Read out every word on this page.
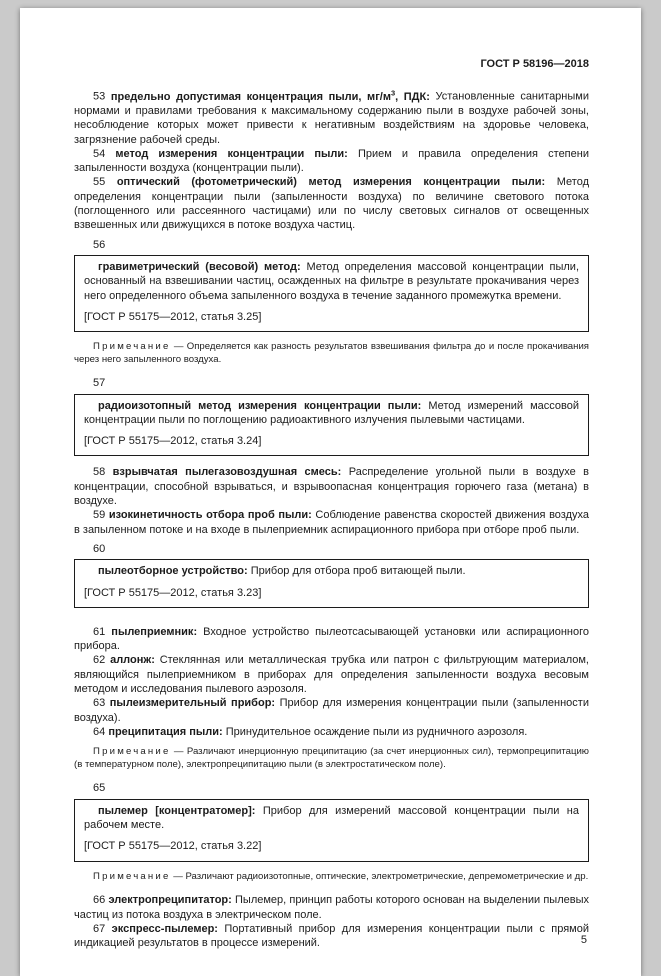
ГОСТ Р 58196—2018

53 предельно допустимая концентрация пыли, $мг/м^3$, ПДК: Установленные санитарными нормами и правилами требования к максимальному содержанию пыли в воздухе рабочей зоны, несоблюдение которых может привести к негативным воздействиям на здоровье человека, загрязнение рабочей среды.

54 метод измерения концентрации пыли: Прием и правила определения степени запыленности воздуха (концентрации пыли).

55 оптический (фотометрический) метод измерения концентрации пыли: Метод определения концентрации пыли (запыленности воздуха) по величине светового потока (поглощенного или рассеянного частицами) или по числу световых сигналов от освещенных взвешенных или движущихся в потоке воздуха частиц.

56

гравиметрический (весовой) метод: Метод определения массовой концентрации пыли, основанный на взвешивании частиц, осажденных на фильтре в результате прокачивания через него определенного объема запыленного воздуха в течение заданного промежутка времени.

[ГОСТ Р 55175—2012, статья 3.25]

Примечание — Определяется как разность результатов взвешивания фильтра до и после прокачивания через него запыленного воздуха.

57

радиоизотопный метод измерения концентрации пыли: Метод измерений массовой концентрации пыли по поглощению радиоактивного излучения пылевыми частицами.

[ГОСТ Р 55175—2012, статья 3.24]

58 взрывчатая пылегазовоздушная смесь: Распределение угольной пыли в воздухе в концентрации, способной взрываться, и взрывоопасная концентрация горючего газа (метана) в воздухе.

59 изокинетичность отбора проб пыли: Соблюдение равенства скоростей движения воздуха в запыленном потоке и на входе в пылеприемник аспирационного прибора при отборе проб пыли.

60

пылеотборное устройство: Прибор для отбора проб витающей пыли.

[ГОСТ Р 55175—2012, статья 3.23]

61 пылеприемник: Входное устройство пылеотсасывающей установки или аспирационного прибора.

62 аллонж: Стеклянная или металлическая трубка или патрон с фильтрующим материалом, являющийся пылеприемником в приборах для определения запыленности воздуха весовым методом и исследования пылевого аэрозоля.

63 пылеизмерительный прибор: Прибор для измерения концентрации пыли (запыленности воздуха).

64 преципитация пыли: Принудительное осаждение пыли из рудничного аэрозоля.

Примечание — Различают инерционную преципитацию (за счет инерционных сил), термопреципитацию (в температурном поле), электропреципитацию пыли (в электростатическом поле).

65

пылемер [концентратомер]: Прибор для измерений массовой концентрации пыли на рабочем месте.

[ГОСТ Р 55175—2012, статья 3.22]

Примечание — Различают радиоизотопные, оптические, электрометрические, депремометрические и др.

66 электропреципитатор: Пылемер, принцип работы которого основан на выделении пылевых частиц из потока воздуха в электрическом поле.

67 экспресс-пылемер: Портативный прибор для измерения концентрации пыли с прямой индикацией результатов в процессе измерений.	5
